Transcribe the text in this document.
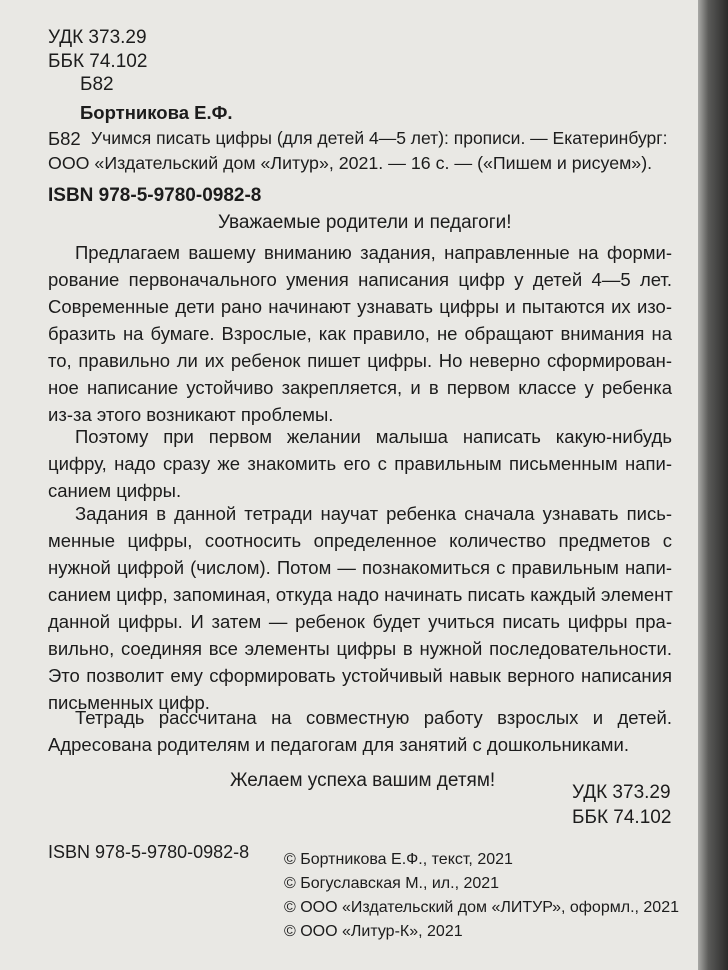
УДК 373.29
ББК 74.102
Б82
Бортникова Е.Ф.
Б82 Учимся писать цифры (для детей 4—5 лет): прописи. — Екатеринбург:
ООО «Издательский дом «Литур», 2021. — 16 с. — («Пишем и рисуем»).
ISBN 978-5-9780-0982-8
Уважаемые родители и педагоги!
Предлагаем вашему вниманию задания, направленные на форми-
рование первоначального умения написания цифр у детей 4—5 лет.
Современные дети рано начинают узнавать цифры и пытаются их изо-
бразить на бумаге. Взрослые, как правило, не обращают внимания на
то, правильно ли их ребенок пишет цифры. Но неверно сформирован-
ное написание устойчиво закрепляется, и в первом классе у ребенка
из-за этого возникают проблемы.
Поэтому при первом желании малыша написать какую-нибудь
цифру, надо сразу же знакомить его с правильным письменным напи-
санием цифры.
Задания в данной тетради научат ребенка сначала узнавать пись-
менные цифры, соотносить определенное количество предметов с
нужной цифрой (числом). Потом — познакомиться с правильным напи-
санием цифр, запоминая, откуда надо начинать писать каждый элемент
данной цифры. И затем — ребенок будет учиться писать цифры пра-
вильно, соединяя все элементы цифры в нужной последовательности.
Это позволит ему сформировать устойчивый навык верного написания
письменных цифр.
Тетрадь рассчитана на совместную работу взрослых и детей.
Адресована родителям и педагогам для занятий с дошкольниками.
Желаем успеха вашим детям!
УДК 373.29
ББК 74.102
ISBN 978-5-9780-0982-8 © Бортникова Е.Ф., текст, 2021
© Богуславская М., ил., 2021
© ООО «Издательский дом «ЛИТУР», оформл., 2021
© ООО «Литур-К», 2021
